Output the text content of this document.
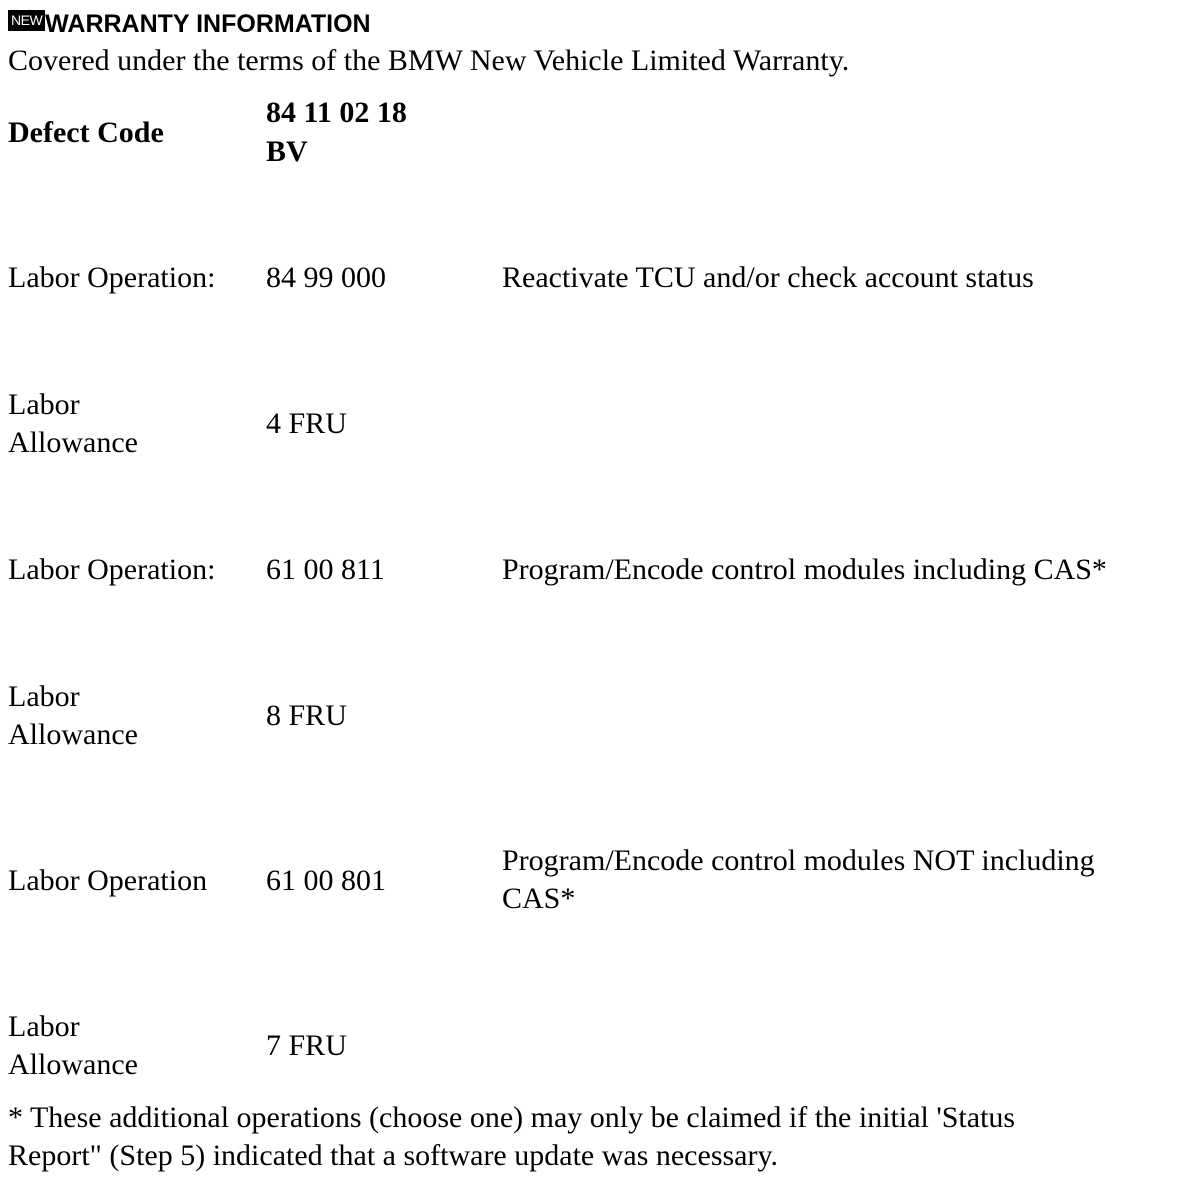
NEW WARRANTY INFORMATION
Covered under the terms of the BMW New Vehicle Limited Warranty.
Defect Code
84 11 02 18
BV
Labor Operation: 84 99 000	Reactivate TCU and/or check account status
Labor
Allowance
4 FRU
Labor Operation: 61 00 811	Program/Encode control modules including CAS*
Labor
Allowance
8 FRU
Labor Operation 61 00 801
Program/Encode control modules NOT including
CAS*
Labor
Allowance
7 FRU
* These additional operations (choose one) may only be claimed if the initial 'Status
Report" (Step 5) indicated that a software update was necessary.
